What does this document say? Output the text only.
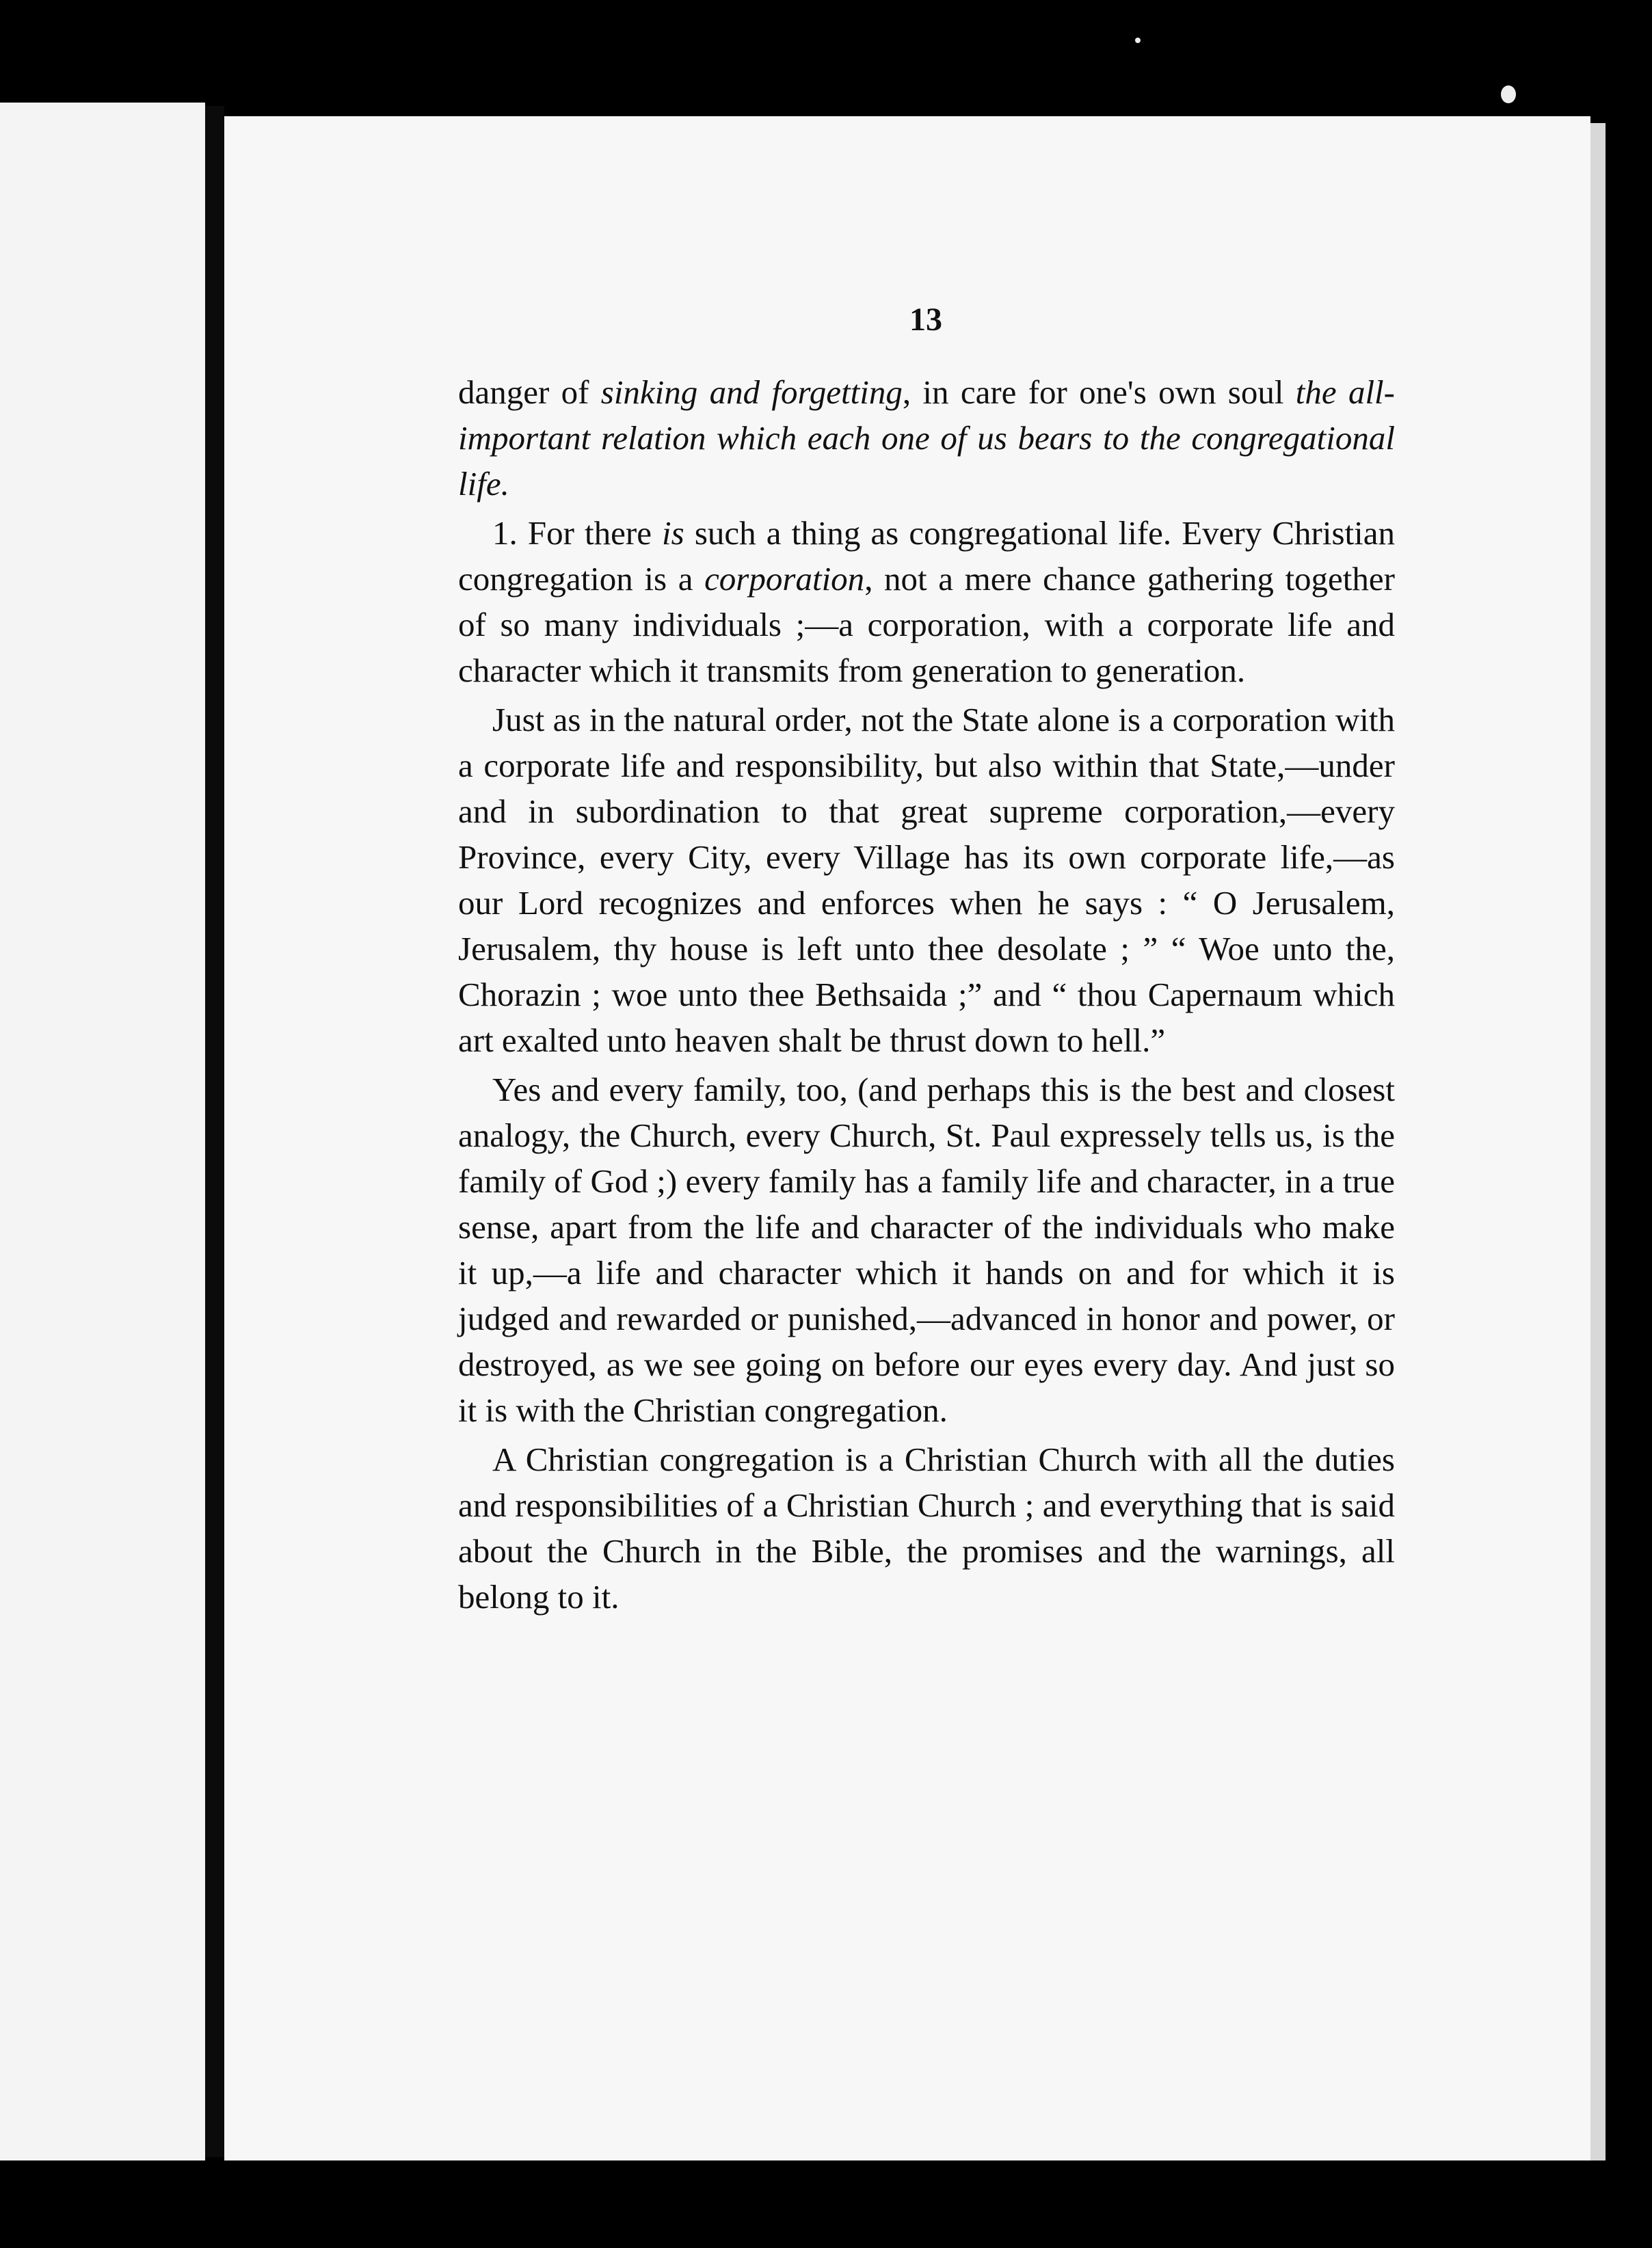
13

danger of sinking and forgetting, in care for one's own soul the all-important relation which each one of us bears to the congregational life.

1. For there is such a thing as congregational life. Every Christian congregation is a corporation, not a mere chance gathering together of so many individuals ;—a corporation, with a corporate life and character which it transmits from generation to generation.

Just as in the natural order, not the State alone is a corporation with a corporate life and responsibility, but also within that State,—under and in subordination to that great supreme corporation,—every Province, every City, every Village has its own corporate life,—as our Lord recognizes and enforces when he says : “ O Jerusalem, Jerusalem, thy house is left unto thee desolate ; ” “ Woe unto the, Chorazin ; woe unto thee Bethsaida ;” and “ thou Capernaum which art exalted unto heaven shalt be thrust down to hell.”

Yes and every family, too, (and perhaps this is the best and closest analogy, the Church, every Church, St. Paul expressely tells us, is the family of God ;) every family has a family life and character, in a true sense, apart from the life and character of the individuals who make it up,—a life and character which it hands on and for which it is judged and rewarded or punished,—advanced in honor and power, or destroyed, as we see going on before our eyes every day. And just so it is with the Christian congregation.

A Christian congregation is a Christian Church with all the duties and responsibilities of a Christian Church ; and everything that is said about the Church in the Bible, the promises and the warnings, all belong to it.
